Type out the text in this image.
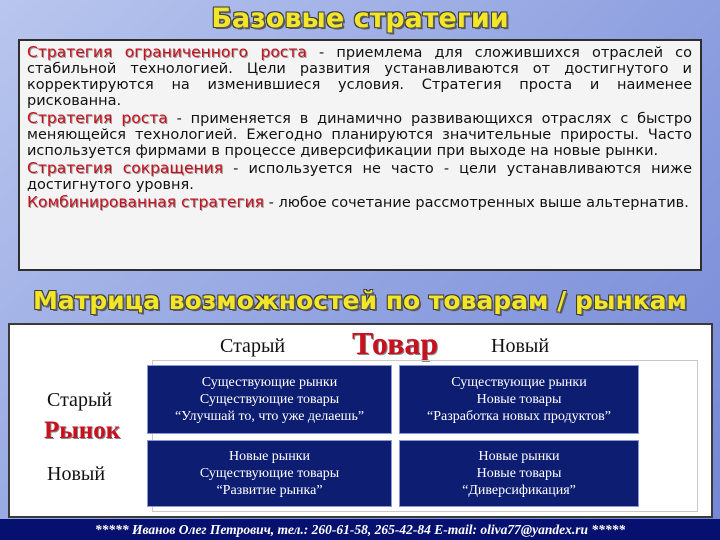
Базовые стратегии

Стратегия ограниченного роста - приемлема для сложившихся отраслей со стабильной технологией. Цели развития устанавливаются от достигнутого и корректируются на изменившиеся условия. Стратегия проста и наименее рискованна.

Стратегия роста - применяется в динамично развивающихся отраслях с быстро меняющейся технологией. Ежегодно планируются значительные приросты. Часто используется фирмами в процессе диверсификации при выходе на новые рынки.

Стратегия сокращения - используется не часто - цели устанавливаются ниже достигнутого уровня.

Комбинированная стратегия - любое сочетание рассмотренных выше альтернатив.

Матрица возможностей по товарам / рынкам
Старый Товар	Новый
Старый
Рынок
Новый
Существующие рынки
Существующие товары
“Улучшай то, что уже делаешь”
Существующие рынки
Новые товары
“Разработка новых продуктов”
Новые рынки
Существующие товары
“Развитие рынка”
Новые рынки
Новые товары
“Диверсификация”
***** Иванов Олег Петрович, тел.: 260-61-58, 265-42-84 E-mail: oliva77@yandex.ru *****
